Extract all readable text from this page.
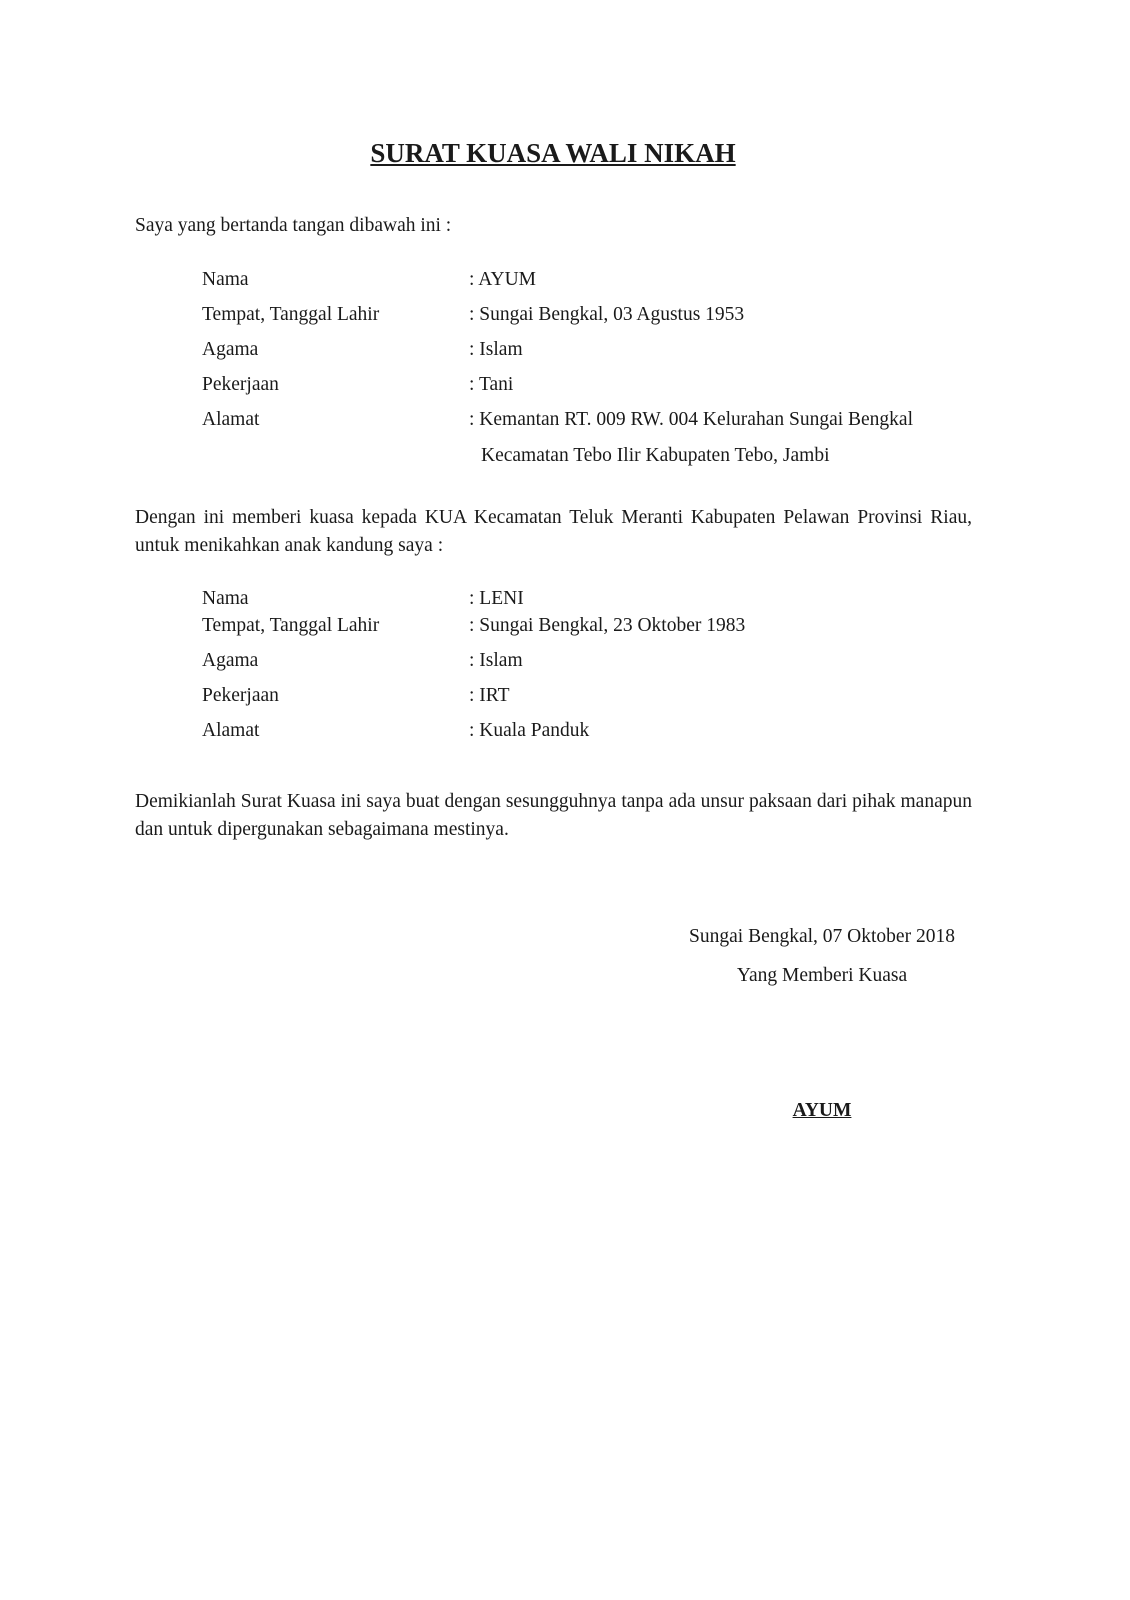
SURAT KUASA WALI NIKAH
Saya yang bertanda tangan dibawah ini :
Nama	: AYUM
Tempat, Tanggal Lahir	: Sungai Bengkal, 03 Agustus 1953
Agama	: Islam
Pekerjaan	: Tani
Alamat	: Kemantan RT. 009 RW. 004 Kelurahan Sungai Bengkal
Kecamatan Tebo Ilir Kabupaten Tebo, Jambi
Dengan ini memberi kuasa kepada KUA Kecamatan Teluk Meranti Kabupaten Pelawan Provinsi Riau, untuk menikahkan anak kandung saya :
Nama	: LENI
Tempat, Tanggal Lahir	: Sungai Bengkal, 23 Oktober 1983
Agama	: Islam
Pekerjaan	: IRT
Alamat	: Kuala Panduk
Demikianlah Surat Kuasa ini saya buat dengan sesungguhnya tanpa ada unsur paksaan dari pihak manapun dan untuk dipergunakan sebagaimana mestinya.
Sungai Bengkal, 07 Oktober 2018
Yang Memberi Kuasa
AYUM
